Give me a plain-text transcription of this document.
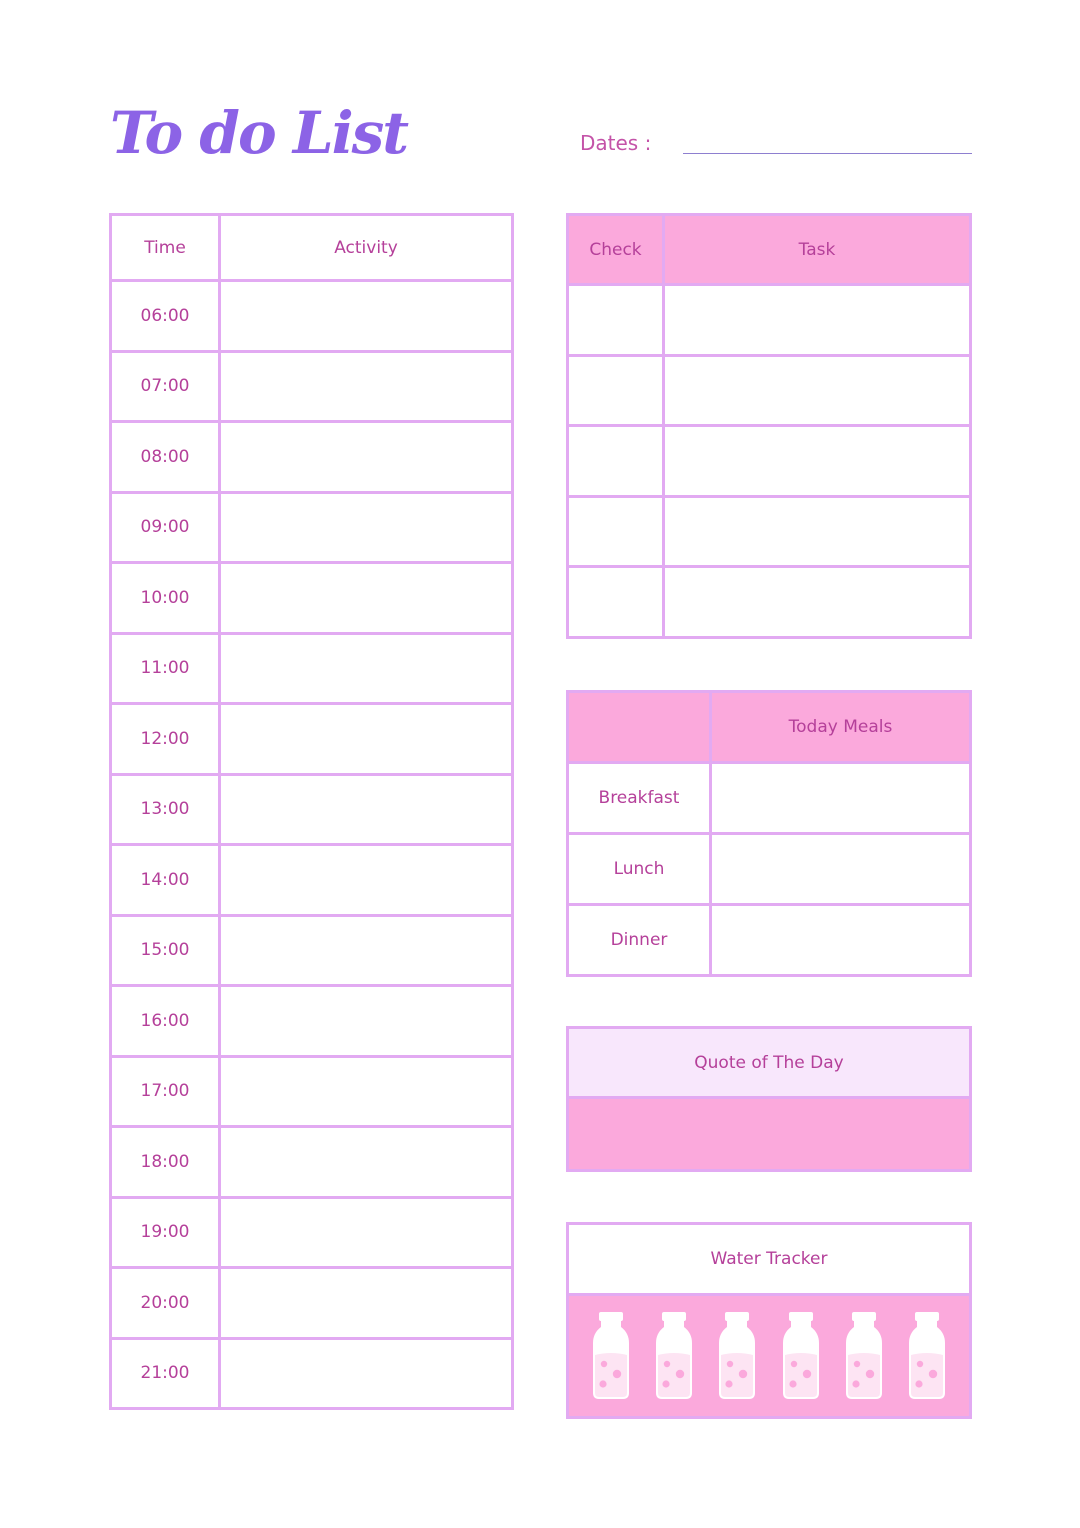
To do List	Dates :
Time	Activity
06:00	
07:00	
08:00	
09:00	
10:00	
11:00	
12:00	
13:00	
14:00	
15:00	
16:00	
17:00	
18:00	
19:00	
20:00	
21:00	
Check	Task

	Today Meals
Breakfast	
Lunch	
Dinner	
Quote of The Day

Water Tracker
